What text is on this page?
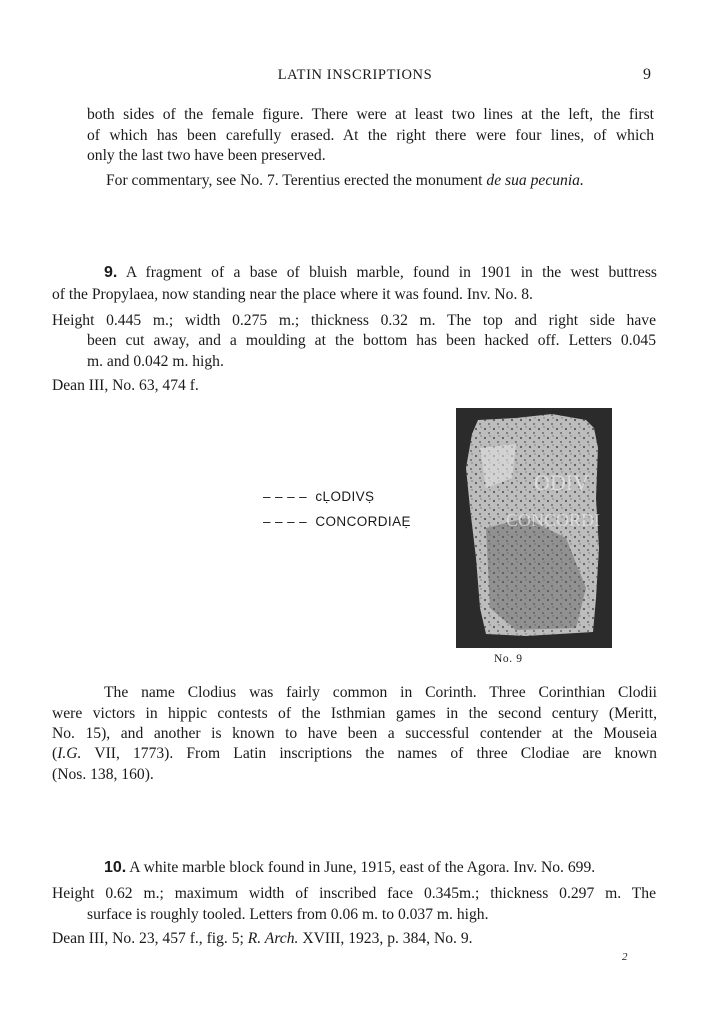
LATIN INSCRIPTIONS	9
both sides of the female figure. There were at least two lines at the left, the first
of which has been carefully erased. At the right there were four lines, of which
only the last two have been preserved.
For commentary, see No. 7. Terentius erected the monument de sua pecunia.
9. A fragment of a base of bluish marble, found in 1901 in the west buttress
of the Propylaea, now standing near the place where it was found. Inv. No. 8.
Height 0.445 m.; width 0.275 m.; thickness 0.32 m. The top and right side have
been cut away, and a moulding at the bottom has been hacked off. Letters 0.045
m. and 0.042 m. high.
Dean III, No. 63, 474 f.
– – – –  cḶODIVṢ
– – – –  CONCORDIAẸ
ODIV
CONCORDI
No. 9
The name Clodius was fairly common in Corinth. Three Corinthian Clodii
were victors in hippic contests of the Isthmian games in the second century (Meritt,
No. 15), and another is known to have been a successful contender at the Mouseia
(I.G. VII, 1773). From Latin inscriptions the names of three Clodiae are known
(Nos. 138, 160).
10. A white marble block found in June, 1915, east of the Agora. Inv. No. 699.
Height 0.62 m.; maximum width of inscribed face 0.345m.; thickness 0.297 m. The
surface is roughly tooled. Letters from 0.06 m. to 0.037 m. high.
Dean III, No. 23, 457 f., fig. 5; R. Arch. XVIII, 1923, p. 384, No. 9.
2
